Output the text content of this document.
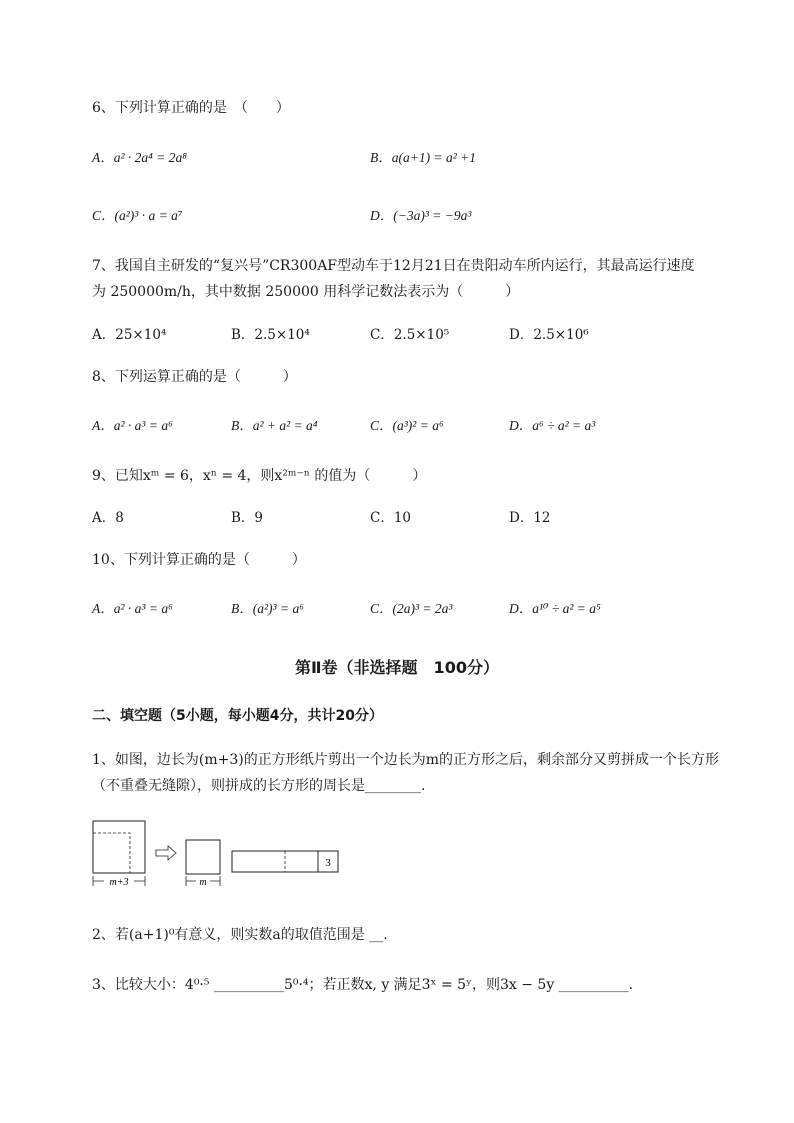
6、下列计算正确的是　（　　）
A．a² · 2a⁴ = 2a⁸	B．a(a+1) = a² +1
C．(a²)³ · a = a⁷	D．(−3a)³ = −9a³
7、我国自主研发的“复兴号”CR300AF型动车于12月21日在贵阳动车所内运行，其最高运行速度
为 250000m/h，其中数据 250000 用科学记数法表示为（　　　）
A．25×10⁴	B．2.5×10⁴	C．2.5×10⁵	D．2.5×10⁶
8、下列运算正确的是（　　　）
A．a² · a³ = a⁶	B．a² + a² = a⁴	C．(a³)² = a⁶	D．a⁶ ÷ a² = a³
9、已知xᵐ = 6，xⁿ = 4，则x²ᵐ⁻ⁿ 的值为（　　　）
A．8	B．9	C．10	D．12
10、下列计算正确的是（　　　）
A．a² · a³ = a⁶	B．(a²)³ = a⁶	C．(2a)³ = 2a³	D．a¹⁰ ÷ a² = a⁵
第Ⅱ卷（非选择题　100分）
二、填空题（5小题，每小题4分，共计20分）
1、如图，边长为(m+3)的正方形纸片剪出一个边长为m的正方形之后，剩余部分又剪拼成一个长方形
（不重叠无缝隙），则拼成的长方形的周长是________.
m+3	m
3
2、若(a+1)⁰有意义，则实数a的取值范围是 __.
3、比较大小：4⁰·⁵ __________5⁰·⁴；若正数x, y 满足3ˣ = 5ʸ，则3x − 5y __________.
